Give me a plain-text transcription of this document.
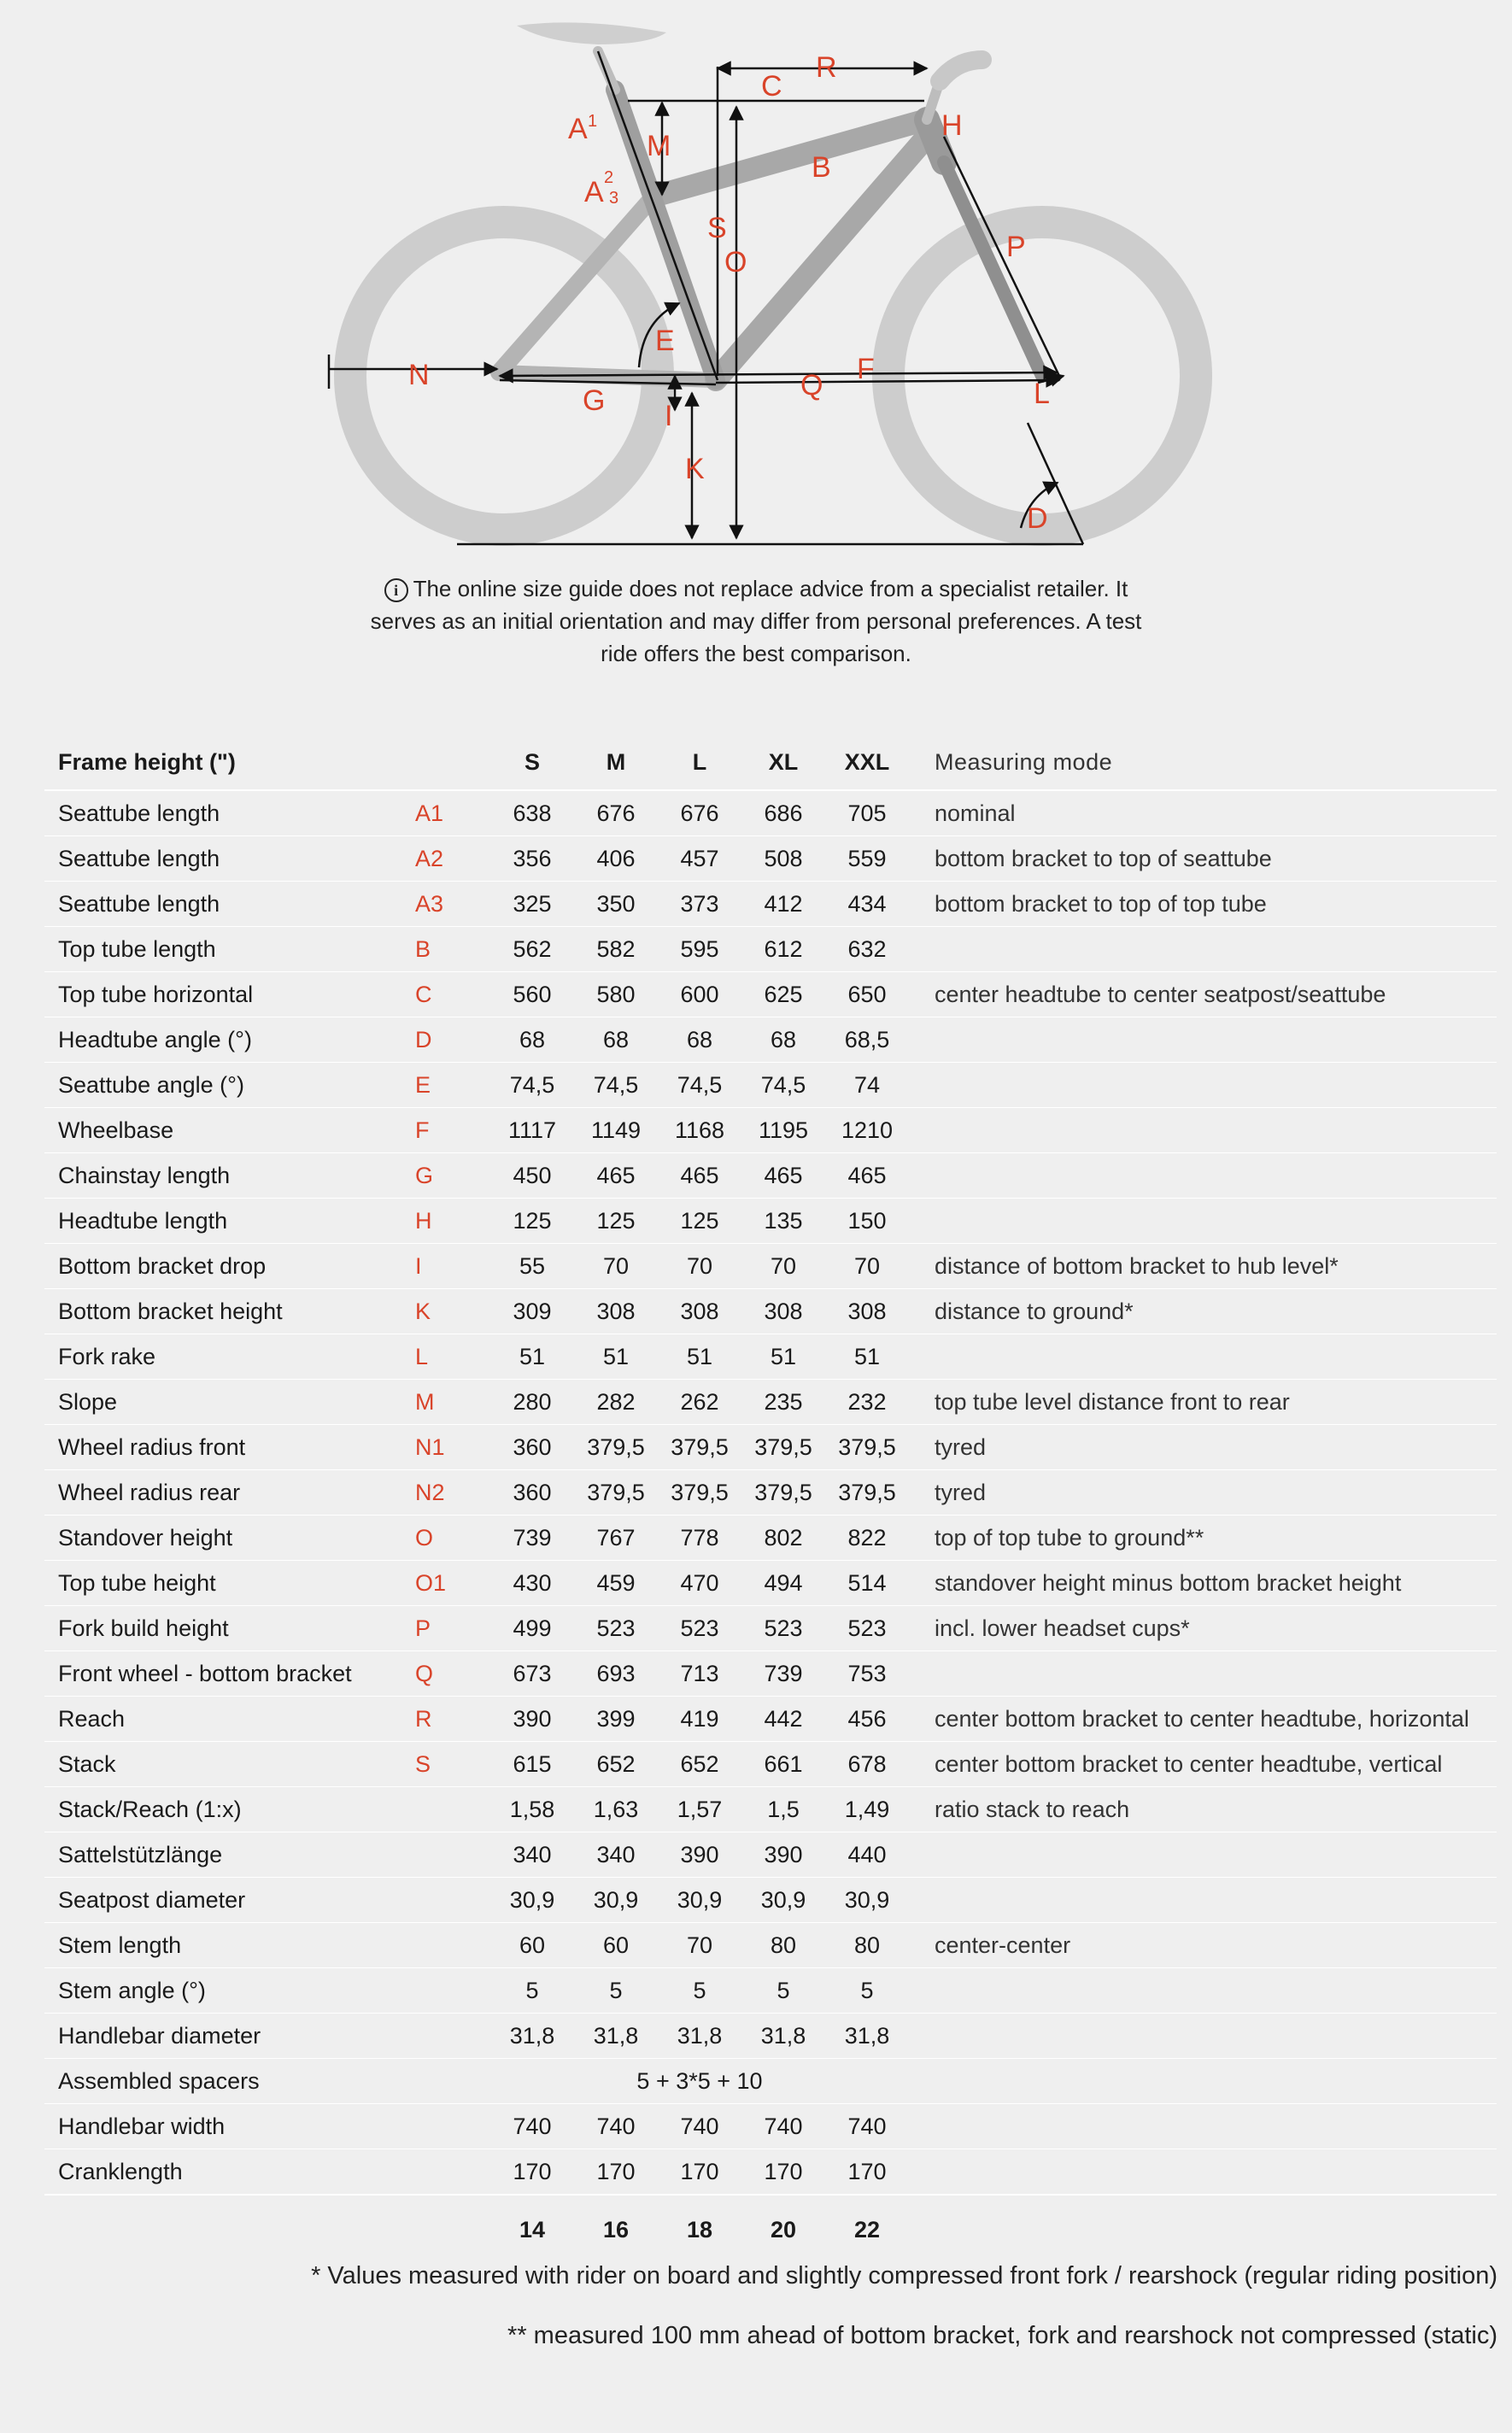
A 1
A 2
3
M
C
R
H
B
S
O	P
E
F
N
G I
Q	L
K
D
i The online size guide does not replace advice from a specialist retailer. It serves as an initial orientation and may differ from personal preferences. A test ride offers the best comparison.
Frame height (")		S	M	L	XL	XXL	Measuring mode
Seattube length	A1	638	676	676	686	705	nominal
Seattube length	A2	356	406	457	508	559	bottom bracket to top of seattube
Seattube length	A3	325	350	373	412	434	bottom bracket to top of top tube
Top tube length	B	562	582	595	612	632	
Top tube horizontal	C	560	580	600	625	650	center headtube to center seatpost/seattube
Headtube angle (°)	D	68	68	68	68	68,5	
Seattube angle (°)	E	74,5	74,5	74,5	74,5	74	
Wheelbase	F	1117	1149	1168	1195	1210	
Chainstay length	G	450	465	465	465	465	
Headtube length	H	125	125	125	135	150	
Bottom bracket drop	I	55	70	70	70	70	distance of bottom bracket to hub level*
Bottom bracket height	K	309	308	308	308	308	distance to ground*
Fork rake	L	51	51	51	51	51	
Slope	M	280	282	262	235	232	top tube level distance front to rear
Wheel radius front	N1	360	379,5	379,5	379,5	379,5	tyred
Wheel radius rear	N2	360	379,5	379,5	379,5	379,5	tyred
Standover height	O	739	767	778	802	822	top of top tube to ground**
Top tube height	O1	430	459	470	494	514	standover height minus bottom bracket height
Fork build height	P	499	523	523	523	523	incl. lower headset cups*
Front wheel - bottom bracket	Q	673	693	713	739	753	
Reach	R	390	399	419	442	456	center bottom bracket to center headtube, horizontal
Stack	S	615	652	652	661	678	center bottom bracket to center headtube, vertical
Stack/Reach (1:x)		1,58	1,63	1,57	1,5	1,49	ratio stack to reach
Sattelstützlänge		340	340	390	390	440	
Seatpost diameter		30,9	30,9	30,9	30,9	30,9	
Stem length		60	60	70	80	80	center-center
Stem angle (°)		5	5	5	5	5	
Handlebar diameter		31,8	31,8	31,8	31,8	31,8	
Assembled spacers		5 + 3*5 + 10					
Handlebar width		740	740	740	740	740	
Cranklength		170	170	170	170	170	
		14	16	18	20	22	
* Values measured with rider on board and slightly compressed front fork / rearshock (regular riding position)
** measured 100 mm ahead of bottom bracket, fork and rearshock not compressed (static)
